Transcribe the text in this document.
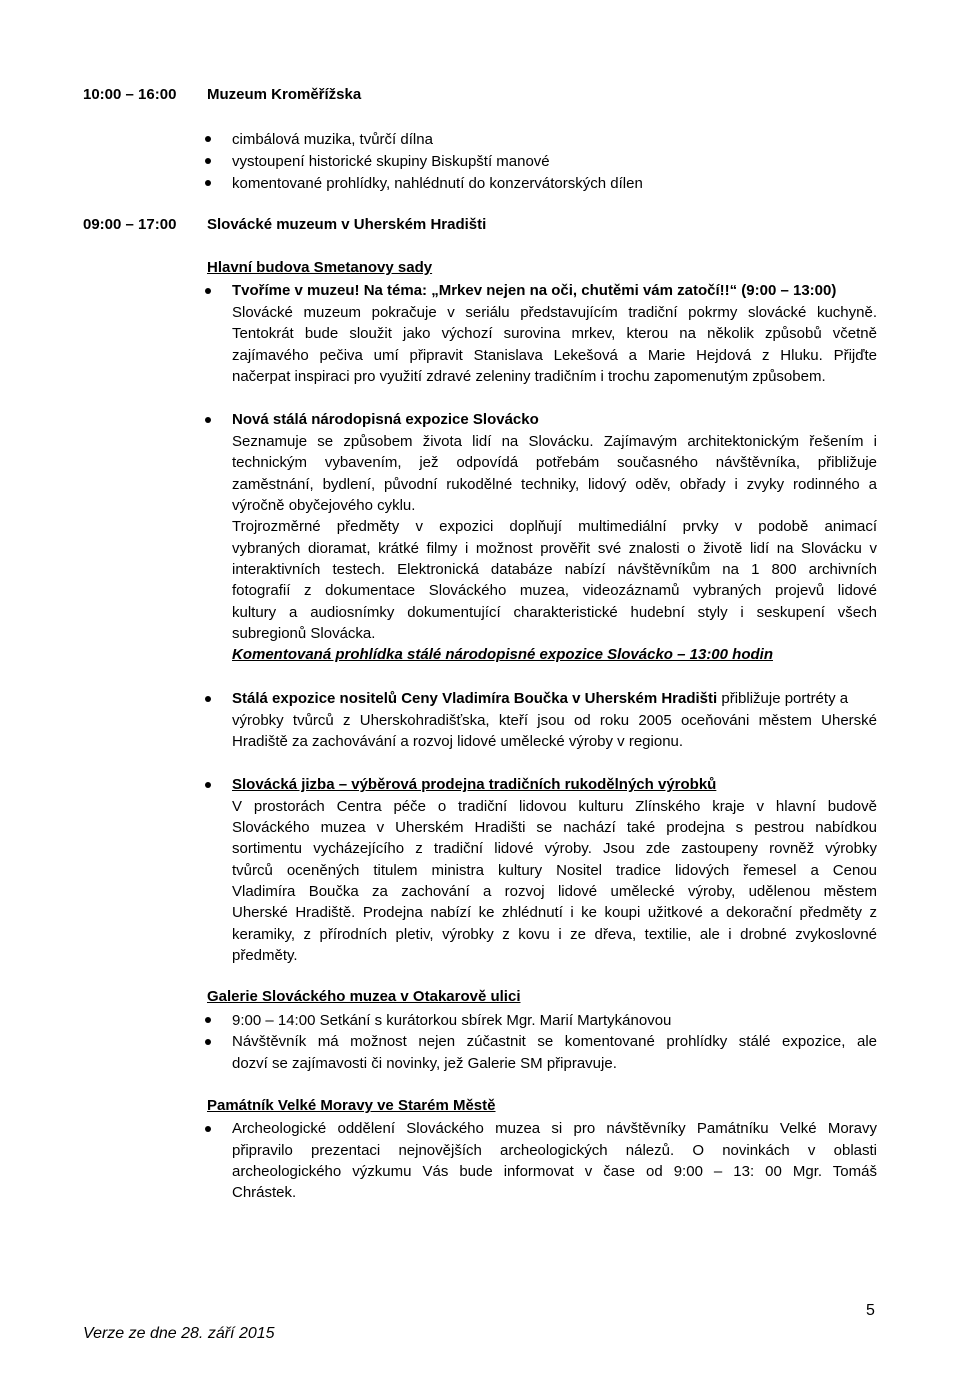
10:00 – 16:00 Muzeum Kroměřížska
cimbálová muzika, tvůrčí dílna
vystoupení historické skupiny Biskupští manové
komentované prohlídky, nahlédnutí do konzervátorských dílen
09:00 – 17:00 Slovácké muzeum v Uherském Hradišti
Hlavní budova Smetanovy sady
Tvoříme v muzeu! Na téma: „Mrkev nejen na oči, chutěmi vám zatočí!!“ (9:00 – 13:00)
Slovácké muzeum pokračuje v seriálu představujícím tradiční pokrmy slovácké kuchyně.
Tentokrát bude sloužit jako výchozí surovina mrkev, kterou na několik způsobů včetně
zajímavého pečiva umí připravit Stanislava Lekešová a Marie Hejdová z Hluku. Přijďte
načerpat inspiraci pro využití zdravé zeleniny tradičním i trochu zapomenutým způsobem.
Nová stálá národopisná expozice Slovácko
Seznamuje se způsobem života lidí na Slovácku. Zajímavým architektonickým řešením i
technickým vybavením, jež odpovídá potřebám současného návštěvníka, přibližuje
zaměstnání, bydlení, původní rukodělné techniky, lidový oděv, obřady i zvyky rodinného a
výročně obyčejového cyklu.
Trojrozměrné předměty v expozici doplňují multimediální prvky v podobě animací
vybraných dioramat, krátké filmy i možnost prověřit své znalosti o životě lidí na Slovácku v
interaktivních testech. Elektronická databáze nabízí návštěvníkům na 1 800 archivních
fotografií z dokumentace Slováckého muzea, videozáznamů vybraných projevů lidové
kultury a audiosnímky dokumentující charakteristické hudební styly i seskupení všech
subregionů Slovácka.
Komentovaná prohlídka stálé národopisné expozice Slovácko – 13:00 hodin
Stálá expozice nositelů Ceny Vladimíra Boučka v Uherském Hradišti přibližuje portréty a
výrobky tvůrců z Uherskohradišťska, kteří jsou od roku 2005 oceňováni městem Uherské
Hradiště za zachovávání a rozvoj lidové umělecké výroby v regionu.
Slovácká jizba – výběrová prodejna tradičních rukodělných výrobků
V prostorách Centra péče o tradiční lidovou kulturu Zlínského kraje v hlavní budově
Slováckého muzea v Uherském Hradišti se nachází také prodejna s pestrou nabídkou
sortimentu vycházejícího z tradiční lidové výroby. Jsou zde zastoupeny rovněž výrobky
tvůrců oceněných titulem ministra kultury Nositel tradice lidových řemesel a Cenou
Vladimíra Boučka za zachování a rozvoj lidové umělecké výroby, udělenou městem
Uherské Hradiště. Prodejna nabízí ke zhlédnutí i ke koupi užitkové a dekorační předměty z
keramiky, z přírodních pletiv, výrobky z kovu i ze dřeva, textilie, ale i drobné zvykoslovné
předměty.
Galerie Slováckého muzea v Otakarově ulici
9:00 – 14:00 Setkání s kurátorkou sbírek Mgr. Marií Martykánovou
Návštěvník má možnost nejen zúčastnit se komentované prohlídky stálé expozice, ale
dozví se zajímavosti či novinky, jež Galerie SM připravuje.
Památník Velké Moravy ve Starém Městě
Archeologické oddělení Slováckého muzea si pro návštěvníky Památníku Velké Moravy
připravilo prezentaci nejnovějších archeologických nálezů. O novinkách v oblasti
archeologického výzkumu Vás bude informovat v čase od 9:00 – 13: 00 Mgr. Tomáš
Chrástek.
5
Verze ze dne 28. září 2015
